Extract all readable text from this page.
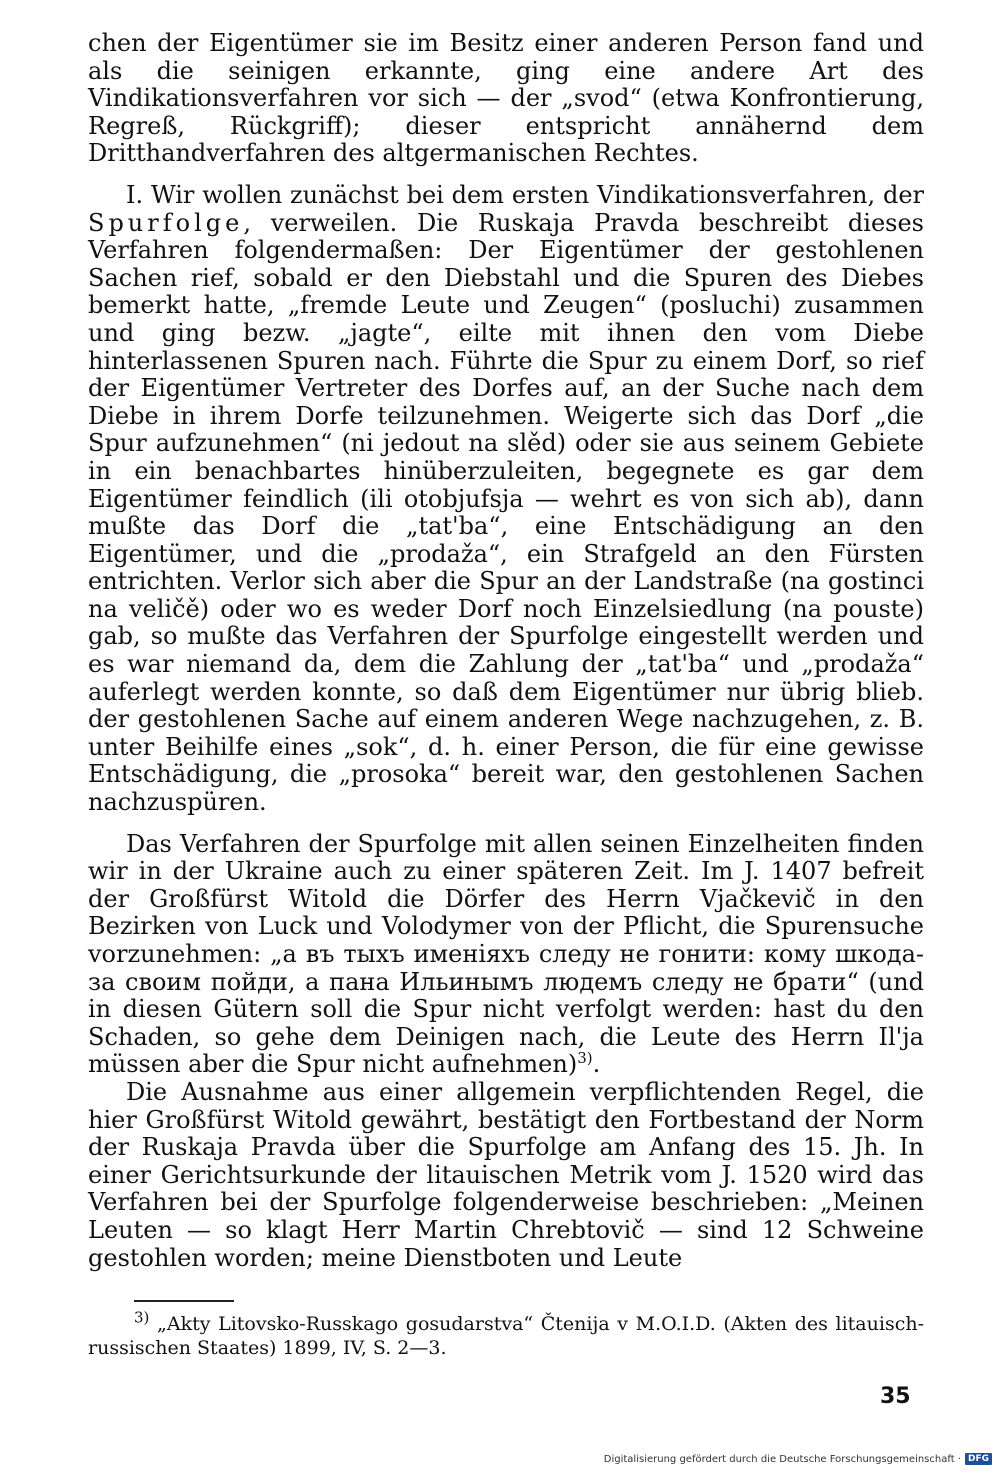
chen der Eigentümer sie im Besitz einer anderen Person fand und als die seinigen erkannte, ging eine andere Art des Vindikationsverfahren vor sich — der „svod“ (etwa Konfrontierung, Regreß, Rückgriff); dieser entspricht annähernd dem Dritthandverfahren des altgermanischen Rechtes.

I. Wir wollen zunächst bei dem ersten Vindikationsverfahren, der Spurfolge, verweilen. Die Ruskaja Pravda beschreibt dieses Verfahren folgendermaßen: Der Eigentümer der gestohlenen Sachen rief, sobald er den Diebstahl und die Spuren des Diebes bemerkt hatte, „fremde Leute und Zeugen“ (posluchi) zusammen und ging bezw. „jagte“, eilte mit ihnen den vom Diebe hinterlassenen Spuren nach. Führte die Spur zu einem Dorf, so rief der Eigentümer Vertreter des Dorfes auf, an der Suche nach dem Diebe in ihrem Dorfe teilzunehmen. Weigerte sich das Dorf „die Spur aufzunehmen“ (ni jedout na slěd) oder sie aus seinem Gebiete in ein benachbartes hinüberzuleiten, begegnete es gar dem Eigentümer feindlich (ili otobjufsja — wehrt es von sich ab), dann mußte das Dorf die „tat'ba“, eine Entschädigung an den Eigentümer, und die „prodaža“, ein Strafgeld an den Fürsten entrichten. Verlor sich aber die Spur an der Landstraße (na gostinci na veličě) oder wo es weder Dorf noch Einzelsiedlung (na pouste) gab, so mußte das Verfahren der Spurfolge eingestellt werden und es war niemand da, dem die Zahlung der „tat'ba“ und „prodaža“ auferlegt werden konnte, so daß dem Eigentümer nur übrig blieb. der gestohlenen Sache auf einem anderen Wege nachzugehen, z. B. unter Beihilfe eines „sok“, d. h. einer Person, die für eine gewisse Entschädigung, die „prosoka“ bereit war, den gestohlenen Sachen nachzuspüren.

Das Verfahren der Spurfolge mit allen seinen Einzelheiten finden wir in der Ukraine auch zu einer späteren Zeit. Im J. 1407 befreit der Großfürst Witold die Dörfer des Herrn Vjačkevič in den Bezirken von Luck und Volodymer von der Pflicht, die Spurensuche vorzunehmen: „а въ тыхъ именіяхъ следу не гонити: кому шкода-за своим пойди, а пана Ильинымъ людемъ следу не брати“ (und in diesen Gütern soll die Spur nicht verfolgt werden: hast du den Schaden, so gehe dem Deinigen nach, die Leute des Herrn Il'ja müssen aber die Spur nicht aufnehmen)$^{3)}$.

Die Ausnahme aus einer allgemein verpflichtenden Regel, die hier Großfürst Witold gewährt, bestätigt den Fortbestand der Norm der Ruskaja Pravda über die Spurfolge am Anfang des 15. Jh. In einer Gerichtsurkunde der litauischen Metrik vom J. 1520 wird das Verfahren bei der Spurfolge folgenderweise beschrieben: „Meinen Leuten — so klagt Herr Martin Chrebtovič — sind 12 Schweine gestohlen worden; meine Dienstboten und Leute

$^{3)}$ „Akty Litovsko-Russkago gosudarstva“ Čtenija v M.O.I.D. (Akten des litauisch-russischen Staates) 1899, IV, S. 2—3.
35
Digitalisierung gefördert durch die Deutsche Forschungsgemeinschaft · DFG
